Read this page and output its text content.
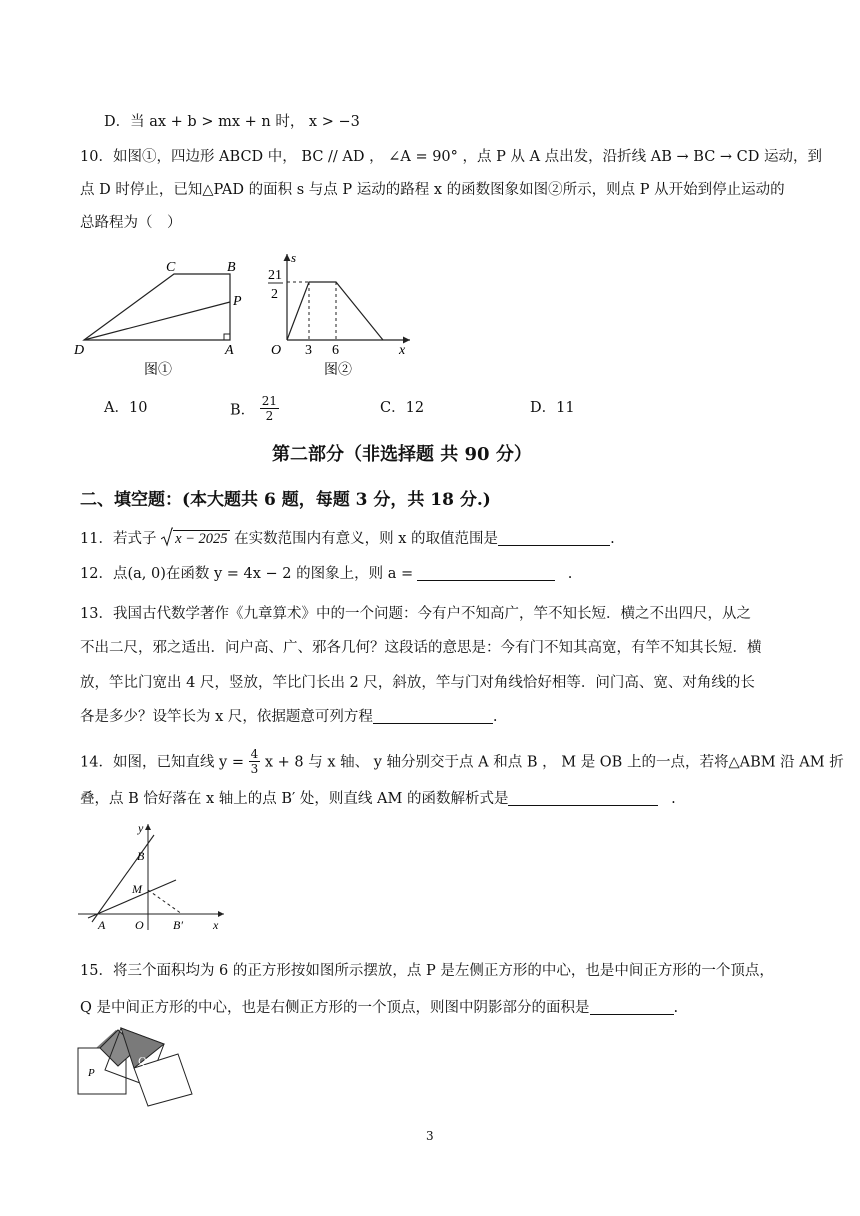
D．当 ax + b > mx + n 时， x > −3
10．如图①，四边形 ABCD 中， BC // AD ， ∠A = 90° ，点 P 从 A 点出发，沿折线 AB → BC → CD 运动，到
点 D 时停止，已知△PAD 的面积 s 与点 P 运动的路程 x 的函数图象如图②所示，则点 P 从开始到停止运动的
总路程为（　）
C	B
P
D	A
图①
s
21
2
O 3 6	x
图②
A．10	B． $\frac{21}{2}$	C．12	D．11
第二部分（非选择题 共 90 分）
二、填空题：(本大题共 6 题，每题 3 分，共 18 分.)
11．若式子 x − 2025 在实数范围内有意义，则 x 的取值范围是	.
12．点(a, 0)在函数 y = 4x − 2 的图象上，则 a =	.
13．我国古代数学著作《九章算术》中的一个问题：今有户不知高广，竿不知长短．横之不出四尺，从之
不出二尺，邪之适出．问户高、广、邪各几何？这段话的意思是：今有门不知其高宽，有竿不知其长短．横
放，竿比门宽出 4 尺，竖放，竿比门长出 2 尺，斜放，竿与门对角线恰好相等．问门高、宽、对角线的长
各是多少？设竿长为 x 尺，依据题意可列方程	.
14．如图，已知直线 $y = \frac{4}{3}$ x + 8 与 x 轴、 y 轴分别交于点 A 和点 B ， M 是 OB 上的一点，若将△ABM 沿 AM 折
叠，点 B 恰好落在 x 轴上的点 B′ 处，则直线 AM 的函数解析式是	.
y
B
M
A O B′	x
15．将三个面积均为 6 的正方形按如图所示摆放，点 P 是左侧正方形的中心，也是中间正方形的一个顶点，
Q 是中间正方形的中心，也是右侧正方形的一个顶点，则图中阴影部分的面积是	.
P
Q
3
